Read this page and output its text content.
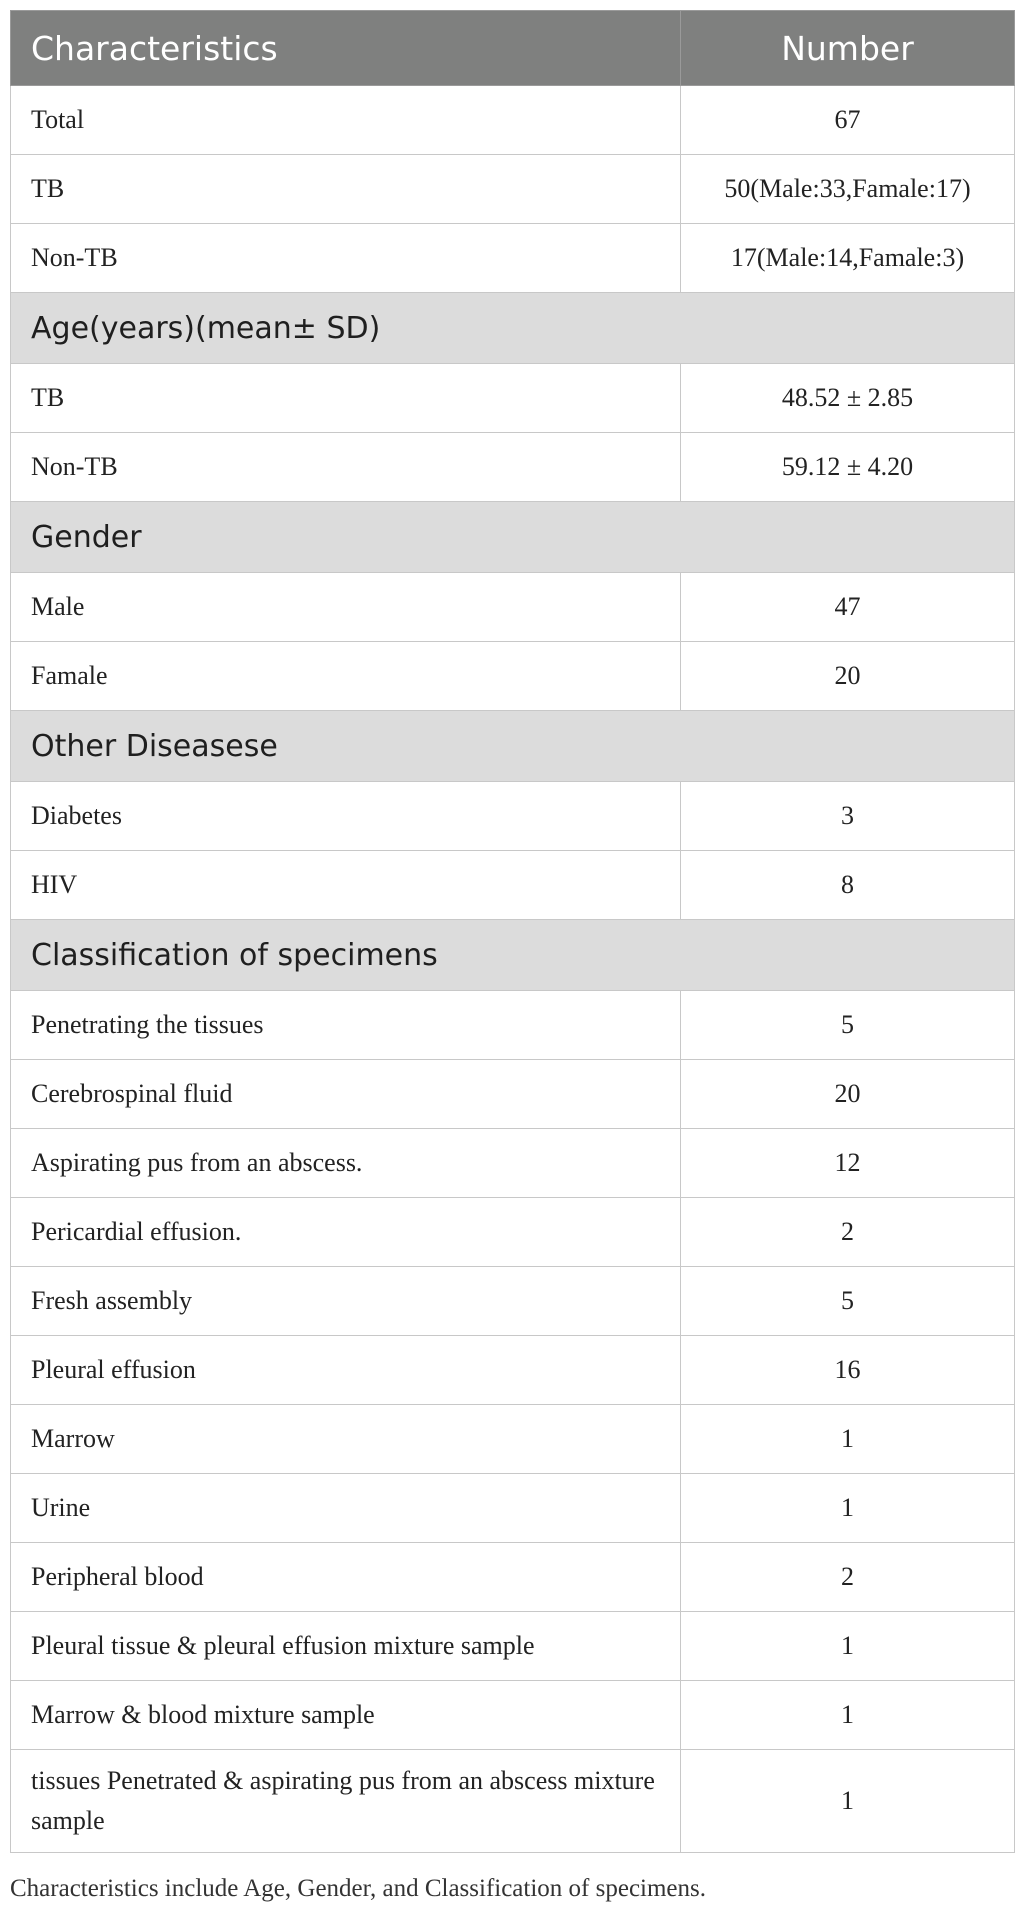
Characteristics	Number
Total	67
TB	50(Male:33,Famale:17)
Non-TB	17(Male:14,Famale:3)
Age(years)(mean± SD)	
TB	48.52 ± 2.85
Non-TB	59.12 ± 4.20
Gender	
Male	47
Famale	20
Other Diseasese	
Diabetes	3
HIV	8
Classification of specimens	
Penetrating the tissues	5
Cerebrospinal fluid	20
Aspirating pus from an abscess.	12
Pericardial effusion.	2
Fresh assembly	5
Pleural effusion	16
Marrow	1
Urine	1
Peripheral blood	2
Pleural tissue & pleural effusion mixture sample	1
Marrow & blood mixture sample	1
tissues Penetrated & aspirating pus from an abscess mixture sample	1
Characteristics include Age, Gender, and Classification of specimens.
